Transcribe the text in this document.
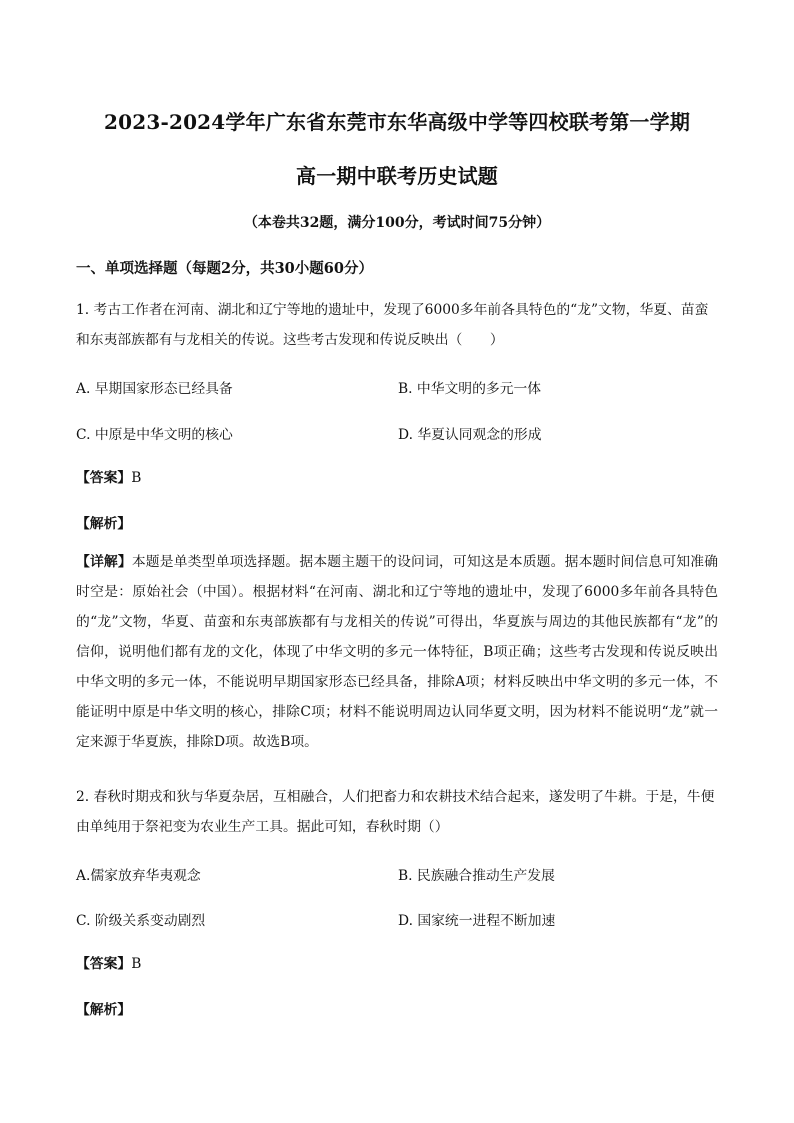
2023-2024学年广东省东莞市东华高级中学等四校联考第一学期
高一期中联考历史试题
（本卷共32题，满分100分，考试时间75分钟）
一、单项选择题（每题2分，共30小题60分）
1. 考古工作者在河南、湖北和辽宁等地的遗址中，发现了6000多年前各具特色的“龙”文物，华夏、苗蛮和东夷部族都有与龙相关的传说。这些考古发现和传说反映出（　　）
A. 早期国家形态已经具备	B. 中华文明的多元一体
C. 中原是中华文明的核心	D. 华夏认同观念的形成
【答案】B
【解析】
【详解】本题是单类型单项选择题。据本题主题干的设问词，可知这是本质题。据本题时间信息可知准确时空是：原始社会（中国）。根据材料“在河南、湖北和辽宁等地的遗址中，发现了6000多年前各具特色的“龙”文物，华夏、苗蛮和东夷部族都有与龙相关的传说”可得出，华夏族与周边的其他民族都有“龙”的信仰，说明他们都有龙的文化，体现了中华文明的多元一体特征，B项正确；这些考古发现和传说反映出中华文明的多元一体，不能说明早期国家形态已经具备，排除A项；材料反映出中华文明的多元一体，不能证明中原是中华文明的核心，排除C项；材料不能说明周边认同华夏文明，因为材料不能说明“龙”就一定来源于华夏族，排除D项。故选B项。
2. 春秋时期戎和狄与华夏杂居，互相融合，人们把畜力和农耕技术结合起来，遂发明了牛耕。于是，牛便由单纯用于祭祀变为农业生产工具。据此可知，春秋时期（）
A.儒家放弃华夷观念	B. 民族融合推动生产发展
C. 阶级关系变动剧烈	D. 国家统一进程不断加速
【答案】B
【解析】
